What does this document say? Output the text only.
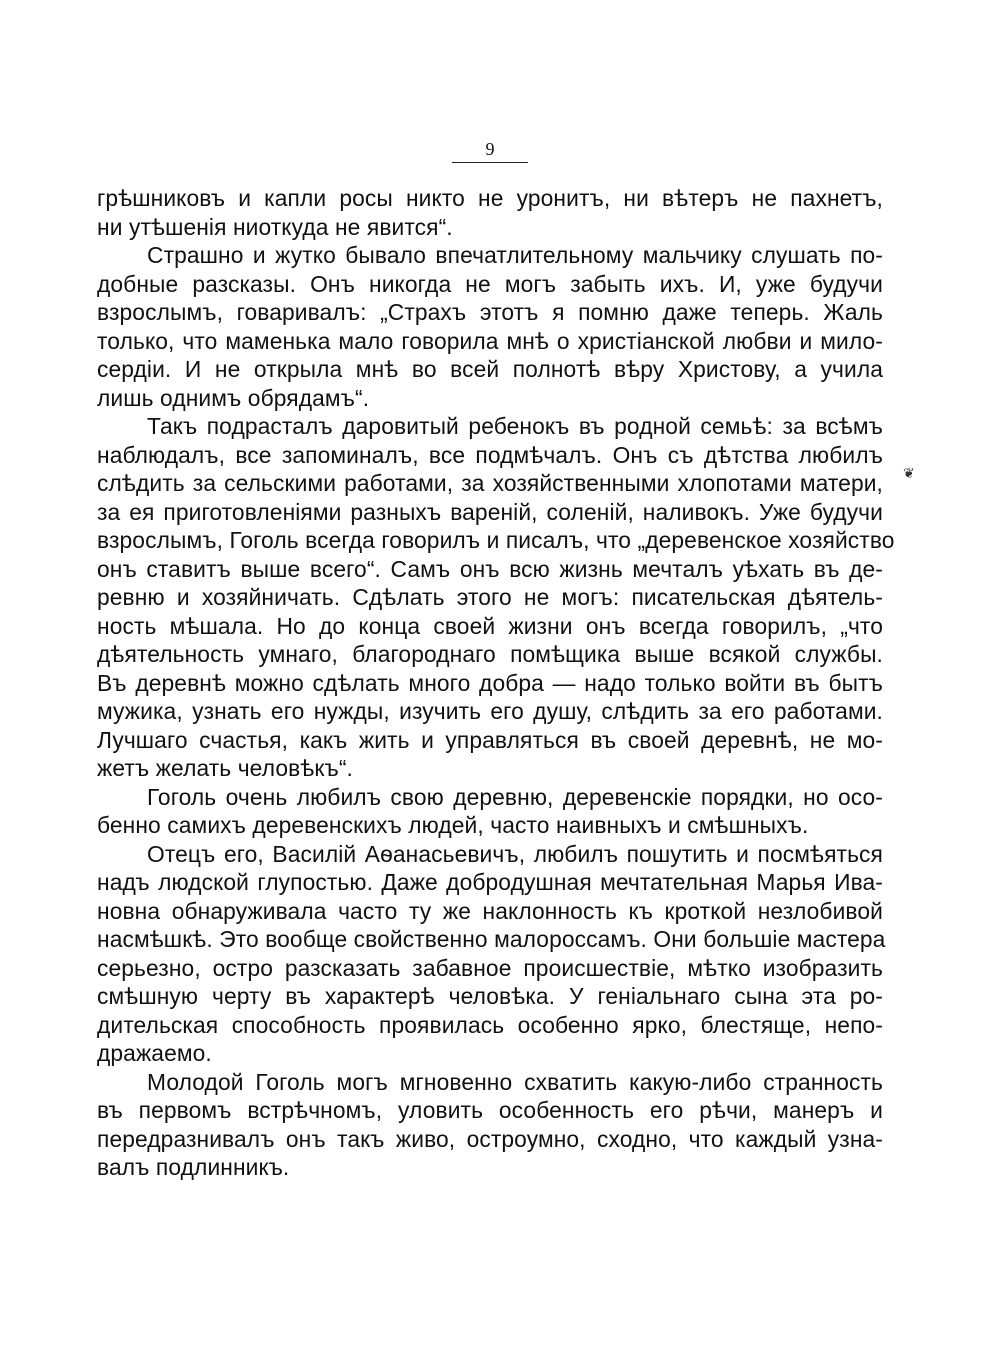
9

грѣшниковъ и капли росы никто не уронитъ, ни вѣтеръ не пахнетъ,
ни утѣшенія ниоткуда не явится“.

Страшно и жутко бывало впечатлительному мальчику слушать по-
добные разсказы. Онъ никогда не могъ забыть ихъ. И, уже будучи
взрослымъ, говаривалъ: „Страхъ этотъ я помню даже теперь. Жаль
только, что маменька мало говорила мнѣ о христіанской любви и мило-
сердіи. И не открыла мнѣ во всей полнотѣ вѣру Христову, а учила
лишь однимъ обрядамъ“.

Такъ подрасталъ даровитый ребенокъ въ родной семьѣ: за всѣмъ
наблюдалъ, все запоминалъ, все подмѣчалъ. Онъ съ дѣтства любилъ
слѣдить за сельскими работами, за хозяйственными хлопотами матери,
за ея приготовленіями разныхъ вареній, соленій, наливокъ. Уже будучи
взрослымъ, Гоголь всегда говорилъ и писалъ, что „деревенское хозяйство
онъ ставитъ выше всего“. Самъ онъ всю жизнь мечталъ уѣхать въ де-
ревню и хозяйничать. Сдѣлать этого не могъ: писательская дѣятель-
ность мѣшала. Но до конца своей жизни онъ всегда говорилъ, „что
дѣятельность умнаго, благороднаго помѣщика выше всякой службы.
Въ деревнѣ можно сдѣлать много добра — надо только войти въ бытъ
мужика, узнать его нужды, изучить его душу, слѣдить за его работами.
Лучшаго счастья, какъ жить и управляться въ своей деревнѣ, не мо-
жетъ желать человѣкъ“.

Гоголь очень любилъ свою деревню, деревенскіе порядки, но осо-
бенно самихъ деревенскихъ людей, часто наивныхъ и смѣшныхъ.

Отецъ его, Василій Аѳанасьевичъ, любилъ пошутить и посмѣяться
надъ людской глупостью. Даже добродушная мечтательная Марья Ива-
новна обнаруживала часто ту же наклонность къ кроткой незлобивой
насмѣшкѣ. Это вообще свойственно малороссамъ. Они большіе мастера
серьезно, остро разсказать забавное происшествіе, мѣтко изобразить
смѣшную черту въ характерѣ человѣка. У геніальнаго сына эта ро-
дительская способность проявилась особенно ярко, блестяще, непо-
дражаемо.

Молодой Гоголь могъ мгновенно схватить какую-либо странность
въ первомъ встрѣчномъ, уловить особенность его рѣчи, манеръ и
передразнивалъ онъ такъ живо, остроумно, сходно, что каждый узна-
валъ подлинникъ.

❦
